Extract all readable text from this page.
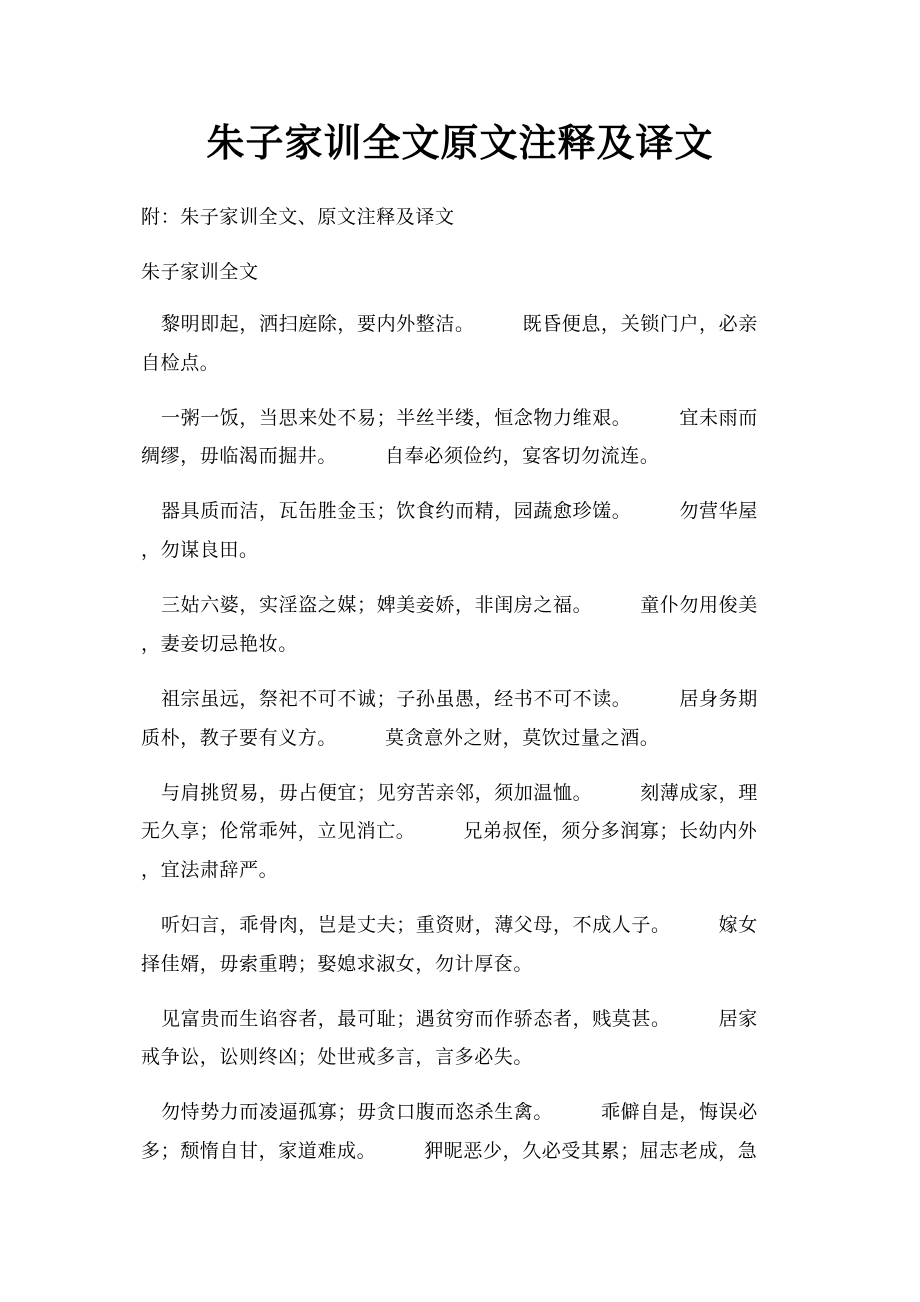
朱子家训全文原文注释及译文
附：朱子家训全文、原文注释及译文
朱子家训全文
黎明即起，洒扫庭除，要内外整洁。	既昏便息，关锁门户，必亲
自检点。
一粥一饭，当思来处不易；半丝半缕，恒念物力维艰。	宜未雨而
绸缪，毋临渴而掘井。	自奉必须俭约，宴客切勿流连。
器具质而洁，瓦缶胜金玉；饮食约而精，园蔬愈珍馐。	勿营华屋
，勿谋良田。
三姑六婆，实淫盗之媒；婢美妾娇，非闺房之福。	童仆勿用俊美
，妻妾切忌艳妆。
祖宗虽远，祭祀不可不诚；子孙虽愚，经书不可不读。	居身务期
质朴，教子要有义方。	莫贪意外之财，莫饮过量之酒。
与肩挑贸易，毋占便宜；见穷苦亲邻，须加温恤。	刻薄成家，理
无久享；伦常乖舛，立见消亡。	兄弟叔侄，须分多润寡；长幼内外
，宜法肃辞严。
听妇言，乖骨肉，岂是丈夫；重资财，薄父母，不成人子。	嫁女
择佳婿，毋索重聘；娶媳求淑女，勿计厚奁。
见富贵而生谄容者，最可耻；遇贫穷而作骄态者，贱莫甚。	居家
戒争讼，讼则终凶；处世戒多言，言多必失。
勿恃势力而凌逼孤寡；毋贪口腹而恣杀生禽。	乖僻自是，悔误必
多；颓惰自甘，家道难成。	狎昵恶少，久必受其累；屈志老成，急
